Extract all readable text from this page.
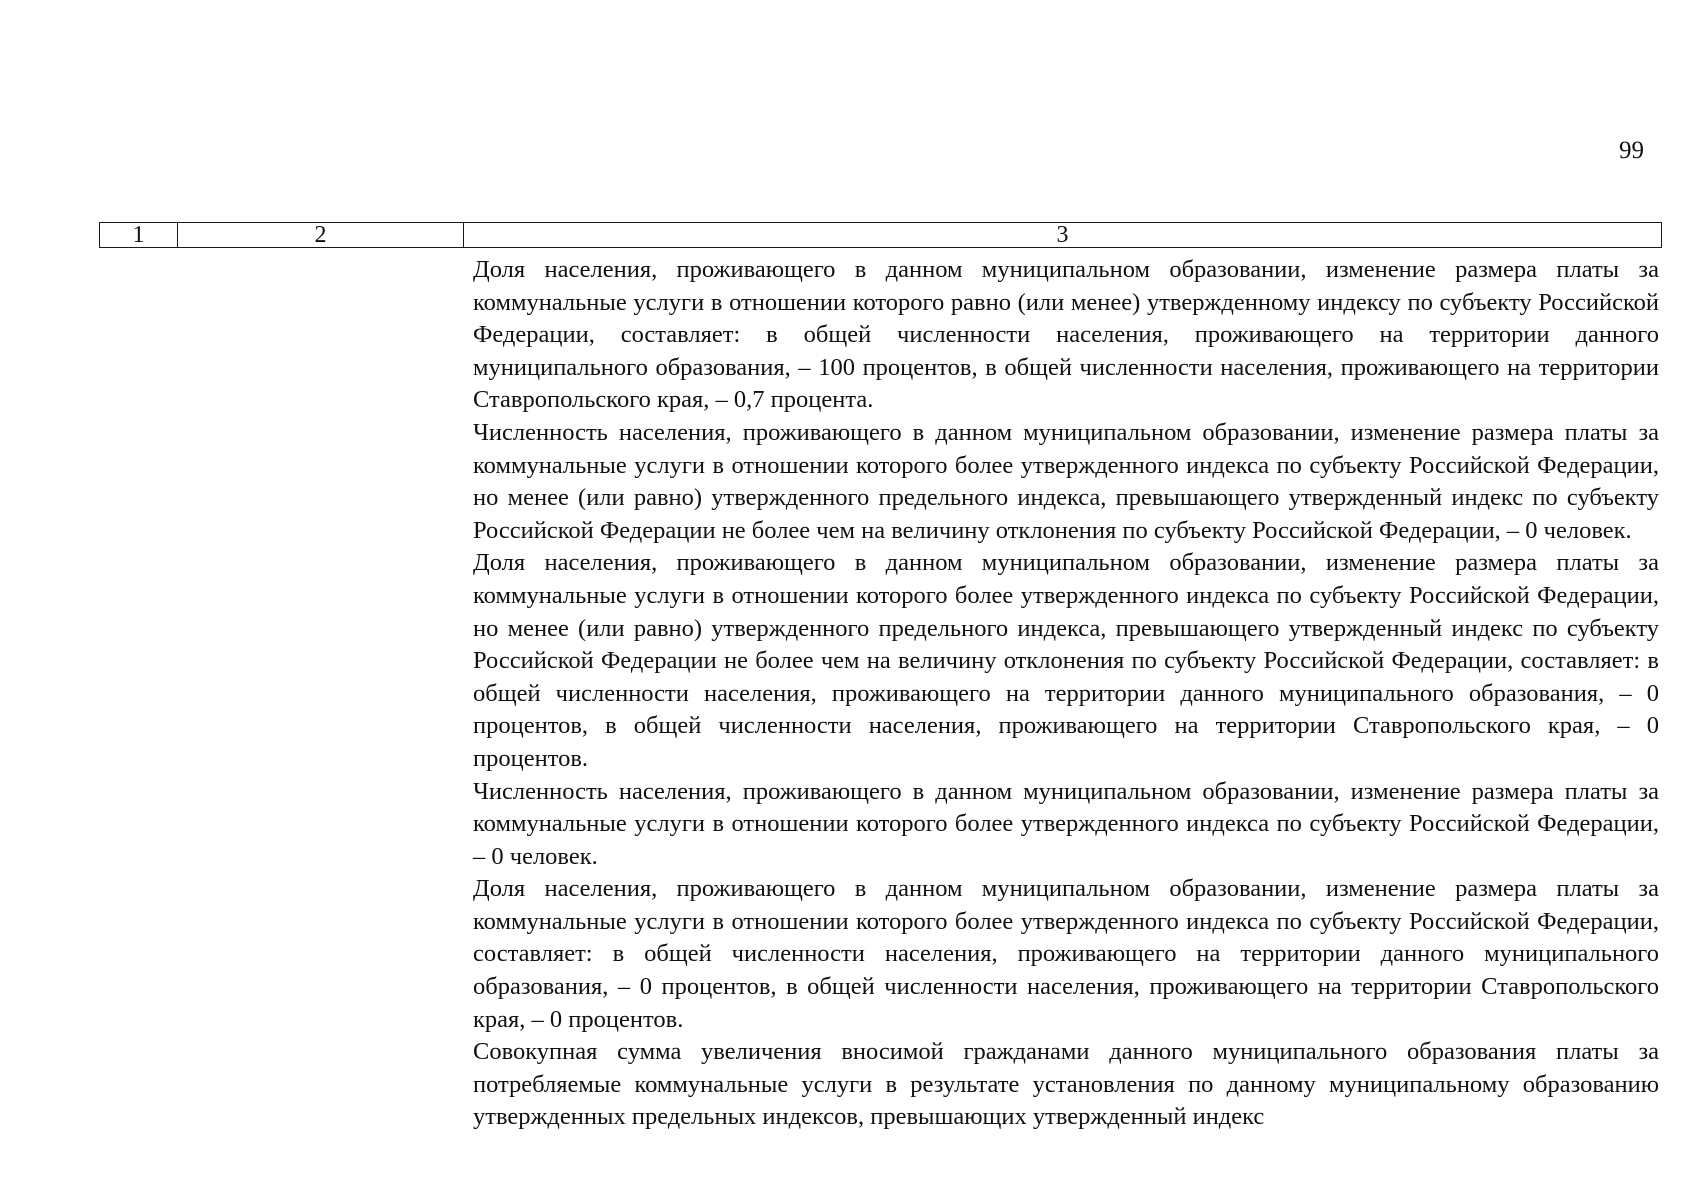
99

1	2	3

Доля населения, проживающего в данном муниципальном образовании, изменение размера платы за коммунальные услуги в отношении которого равно (или менее) утвержденному индексу по субъекту Российской Федерации, составляет: в общей численности населения, проживающего на территории данного муниципального образования, – 100 процентов, в общей численности населения, проживающего на территории Ставропольского края, – 0,7 процента.

Численность населения, проживающего в данном муниципальном образовании, изменение размера платы за коммунальные услуги в отношении которого более утвержденного индекса по субъекту Российской Федерации, но менее (или равно) утвержденного предельного индекса, превышающего утвержденный индекс по субъекту Российской Федерации не более чем на величину отклонения по субъекту Российской Федерации, – 0 человек.

Доля населения, проживающего в данном муниципальном образовании, изменение размера платы за коммунальные услуги в отношении которого более утвержденного индекса по субъекту Российской Федерации, но менее (или равно) утвержденного предельного индекса, превышающего утвержденный индекс по субъекту Российской Федерации не более чем на величину отклонения по субъекту Российской Федерации, составляет: в общей численности населения, проживающего на территории данного муниципального образования, – 0 процентов, в общей численности населения, проживающего на территории Ставропольского края, – 0 процентов.

Численность населения, проживающего в данном муниципальном образовании, изменение размера платы за коммунальные услуги в отношении которого более утвержденного индекса по субъекту Российской Федерации, – 0 человек.

Доля населения, проживающего в данном муниципальном образовании, изменение размера платы за коммунальные услуги в отношении которого более утвержденного индекса по субъекту Российской Федерации, составляет: в общей численности населения, проживающего на территории данного муниципального образования, – 0 процентов, в общей численности населения, проживающего на территории Ставропольского края, – 0 процентов.

Совокупная сумма увеличения вносимой гражданами данного муниципального образования платы за потребляемые коммунальные услуги в результате установления по данному муниципальному образованию утвержденных предельных индексов, превышающих утвержденный индекс
